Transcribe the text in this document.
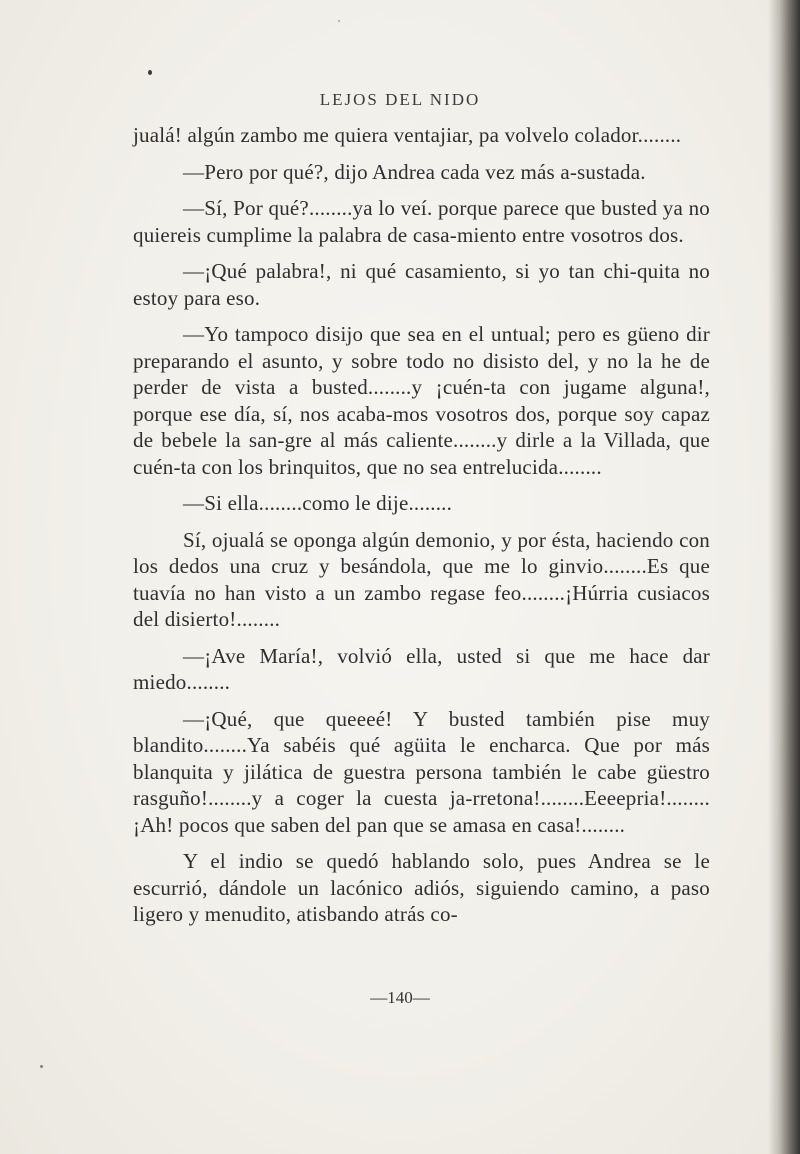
LEJOS DEL NIDO

jualá! algún zambo me quiera ventajiar, pa volvelo colador........

—Pero por qué?, dijo Andrea cada vez más a-sustada.

—Sí, Por qué?........ya lo veí. porque parece que busted ya no quiereis cumplime la palabra de casa-miento entre vosotros dos.

—¡Qué palabra!, ni qué casamiento, si yo tan chi-quita no estoy para eso.

—Yo tampoco disijo que sea en el untual; pero es güeno dir preparando el asunto, y sobre todo no disisto del, y no la he de perder de vista a busted........y ¡cuén-ta con jugame alguna!, porque ese día, sí, nos acaba-mos vosotros dos, porque soy capaz de bebele la san-gre al más caliente........y dirle a la Villada, que cuén-ta con los brinquitos, que no sea entrelucida........

—Si ella........como le dije........

Sí, ojualá se oponga algún demonio, y por ésta, haciendo con los dedos una cruz y besándola, que me lo ginvio........Es que tuavía no han visto a un zambo regase feo........¡Húrria cusiacos del disierto!........

—¡Ave María!, volvió ella, usted si que me hace dar miedo........

—¡Qué, que queeeé! Y busted también pise muy blandito........Ya sabéis qué agüita le encharca. Que por más blanquita y jilática de guestra persona también le cabe güestro rasguño!........y a coger la cuesta ja-rretona!........Eeeepria!........¡Ah! pocos que saben del pan que se amasa en casa!........

Y el indio se quedó hablando solo, pues Andrea se le escurrió, dándole un lacónico adiós, siguiendo camino, a paso ligero y menudito, atisbando atrás co-

—140—
